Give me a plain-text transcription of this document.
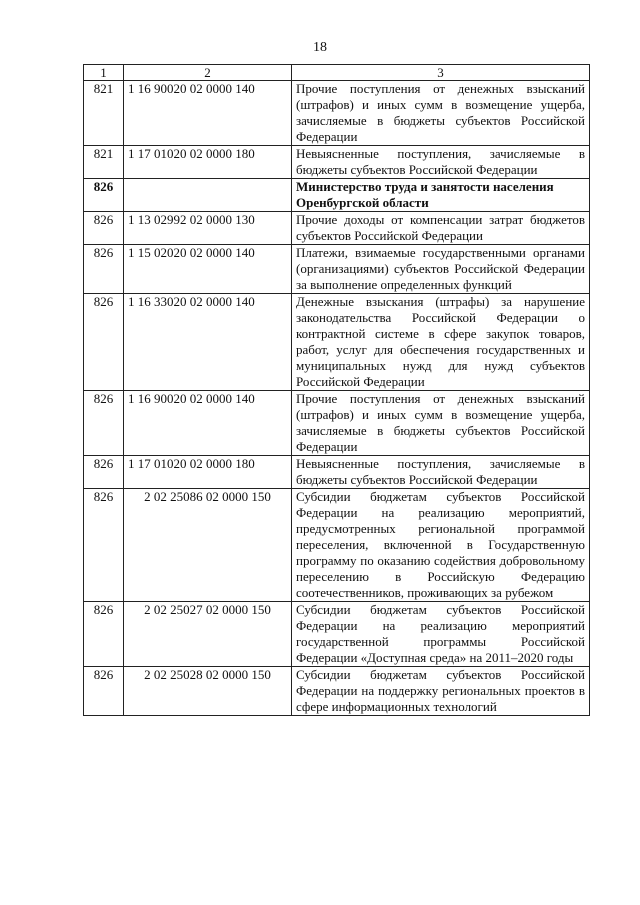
18
1	2	3
821	1 16 90020 02 0000 140	Прочие поступления от денежных взысканий (штрафов) и иных сумм в возмещение ущерба, зачисляемые в бюджеты субъектов Российской Федерации
821	1 17 01020 02 0000 180	Невыясненные поступления, зачисляемые в бюджеты субъектов Российской Федерации
826		Министерство труда и занятости населения Оренбургской области
826	1 13 02992 02 0000 130	Прочие доходы от компенсации затрат бюджетов субъектов Российской Федерации
826	1 15 02020 02 0000 140	Платежи, взимаемые государственными органами (организациями) субъектов Российской Федерации за выполнение определенных функций
826	1 16 33020 02 0000 140	Денежные взыскания (штрафы) за нарушение законодательства Российской Федерации о контрактной системе в сфере закупок товаров, работ, услуг для обеспечения государственных и муниципальных нужд для нужд субъектов Российской Федерации
826	1 16 90020 02 0000 140	Прочие поступления от денежных взысканий (штрафов) и иных сумм в возмещение ущерба, зачисляемые в бюджеты субъектов Российской Федерации
826	1 17 01020 02 0000 180	Невыясненные поступления, зачисляемые в бюджеты субъектов Российской Федерации
826	2 02 25086 02 0000 150	Субсидии бюджетам субъектов Российской Федерации на реализацию мероприятий, предусмотренных региональной программой переселения, включенной в Государственную программу по оказанию содействия добровольному переселению в Российскую Федерацию соотечественников, проживающих за рубежом
826	2 02 25027 02 0000 150	Субсидии бюджетам субъектов Российской Федерации на реализацию мероприятий государственной программы Российской Федерации «Доступная среда» на 2011–2020 годы
826	2 02 25028 02 0000 150	Субсидии бюджетам субъектов Российской Федерации на поддержку региональных проектов в сфере информационных технологий
